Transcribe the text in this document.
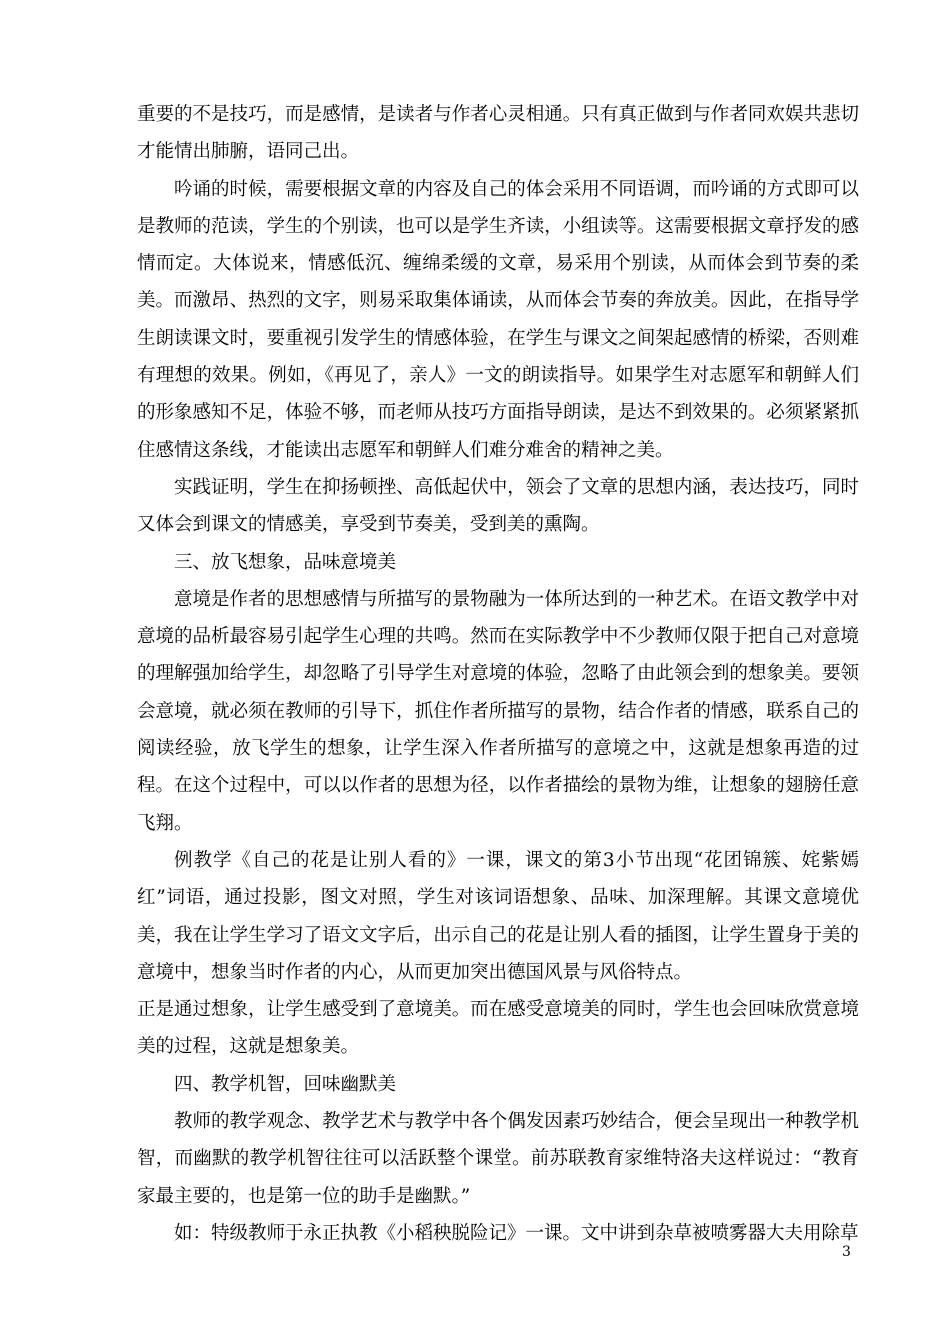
重要的不是技巧，而是感情，是读者与作者心灵相通。只有真正做到与作者同欢娱共悲切才能情出肺腑，语同己出。

吟诵的时候，需要根据文章的内容及自己的体会采用不同语调，而吟诵的方式即可以是教师的范读，学生的个别读，也可以是学生齐读，小组读等。这需要根据文章抒发的感情而定。大体说来，情感低沉、缠绵柔缓的文章，易采用个别读，从而体会到节奏的柔美。而激昂、热烈的文字，则易采取集体诵读，从而体会节奏的奔放美。因此，在指导学生朗读课文时，要重视引发学生的情感体验，在学生与课文之间架起感情的桥梁，否则难有理想的效果。例如，《再见了，亲人》一文的朗读指导。如果学生对志愿军和朝鲜人们的形象感知不足，体验不够，而老师从技巧方面指导朗读，是达不到效果的。必须紧紧抓住感情这条线，才能读出志愿军和朝鲜人们难分难舍的精神之美。

实践证明，学生在抑扬顿挫、高低起伏中，领会了文章的思想内涵，表达技巧，同时又体会到课文的情感美，享受到节奏美，受到美的熏陶。

三、放飞想象，品味意境美

意境是作者的思想感情与所描写的景物融为一体所达到的一种艺术。在语文教学中对意境的品析最容易引起学生心理的共鸣。然而在实际教学中不少教师仅限于把自己对意境的理解强加给学生，却忽略了引导学生对意境的体验，忽略了由此领会到的想象美。要领会意境，就必须在教师的引导下，抓住作者所描写的景物，结合作者的情感，联系自己的阅读经验，放飞学生的想象，让学生深入作者所描写的意境之中，这就是想象再造的过程。在这个过程中，可以以作者的思想为径，以作者描绘的景物为维，让想象的翅膀任意飞翔。

例教学《自己的花是让别人看的》一课，课文的第3小节出现“花团锦簇、姹紫嫣红”词语，通过投影，图文对照，学生对该词语想象、品味、加深理解。其课文意境优美，我在让学生学习了语文文字后，出示自己的花是让别人看的插图，让学生置身于美的意境中，想象当时作者的内心，从而更加突出德国风景与风俗特点。

正是通过想象，让学生感受到了意境美。而在感受意境美的同时，学生也会回味欣赏意境美的过程，这就是想象美。

四、教学机智，回味幽默美

教师的教学观念、教学艺术与教学中各个偶发因素巧妙结合，便会呈现出一种教学机智，而幽默的教学机智往往可以活跃整个课堂。前苏联教育家维特洛夫这样说过：“教育家最主要的，也是第一位的助手是幽默。”

如：特级教师于永正执教《小稻秧脱险记》一课。文中讲到杂草被喷雾器大夫用除草

3
